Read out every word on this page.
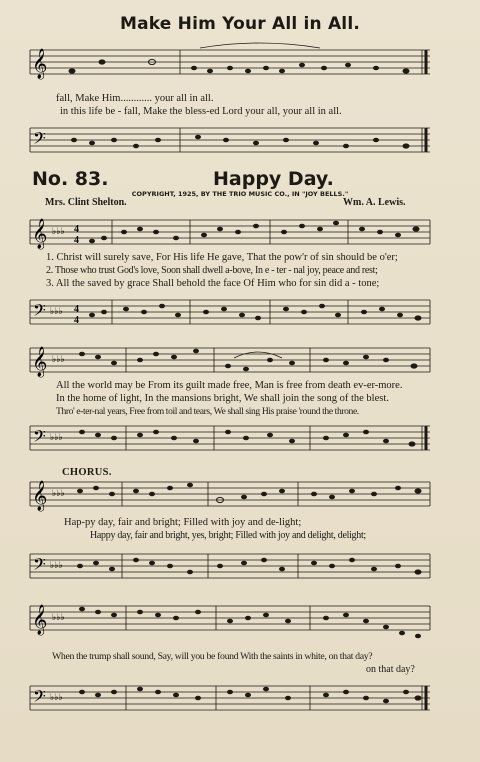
Make Him Your All in All.
𝄞
fall, Make Him............ your all in all.
in this life be - fall, Make the bless-ed Lord your all, your all in all.
𝄢
No. 83.	Happy Day.
COPYRIGHT, 1925, BY THE TRIO MUSIC CO., IN "JOY BELLS."
Mrs. Clint Shelton.	Wm. A. Lewis.
𝄞 ♭♭♭ 4
4
1. Christ will surely save, For His life He gave, That the pow'r of sin should be o'er;
2. Those who trust God's love, Soon shall dwell a-bove, In e - ter - nal joy, peace and rest;
3. All the saved by grace Shall behold the face Of Him who for sin did a - tone;
𝄢 ♭♭♭ 4
4
𝄞 ♭♭♭
All the world may be From its guilt made free, Man is free from death ev-er-more.
In the home of light, In the mansions bright, We shall join the song of the blest.
Thro' e-ter-nal years, Free from toil and tears, We shall sing His praise 'round the throne.
𝄢 ♭♭♭
CHORUS.
𝄞 ♭♭♭
Hap-py day, fair and bright; Filled with joy and de-light;
Happy day, fair and bright, yes, bright; Filled with joy and delight, delight;
𝄢 ♭♭♭
𝄞 ♭♭♭
When the trump shall sound, Say, will you be found With the saints in white, on that day?
on that day?
𝄢 ♭♭♭
